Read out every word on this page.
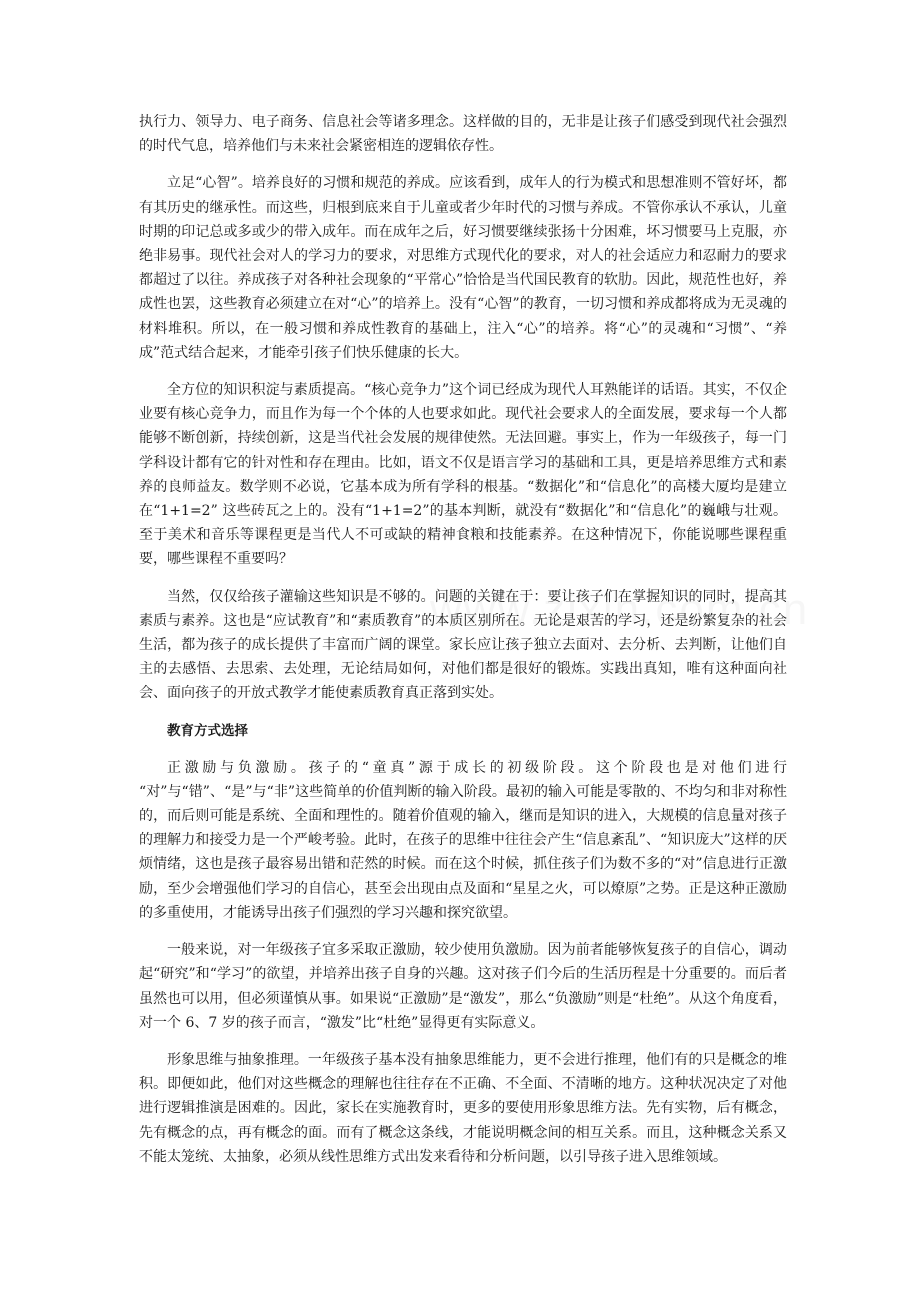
执行力、领导力、电子商务、信息社会等诸多理念。这样做的目的，无非是让孩子们感受到现代社会强烈的时代气息，培养他们与未来社会紧密相连的逻辑依存性。

立足“心智”。培养良好的习惯和规范的养成。应该看到，成年人的行为模式和思想准则不管好坏，都有其历史的继承性。而这些，归根到底来自于儿童或者少年时代的习惯与养成。不管你承认不承认，儿童时期的印记总或多或少的带入成年。而在成年之后，好习惯要继续张扬十分困难，坏习惯要马上克服，亦绝非易事。现代社会对人的学习力的要求，对思维方式现代化的要求，对人的社会适应力和忍耐力的要求都超过了以往。养成孩子对各种社会现象的“平常心”恰恰是当代国民教育的软肋。因此，规范性也好，养成性也罢，这些教育必须建立在对“心”的培养上。没有“心智”的教育，一切习惯和养成都将成为无灵魂的材料堆积。所以，在一般习惯和养成性教育的基础上，注入“心”的培养。将“心”的灵魂和“习惯”、“养成”范式结合起来，才能牵引孩子们快乐健康的长大。

全方位的知识积淀与素质提高。“核心竞争力”这个词已经成为现代人耳熟能详的话语。其实，不仅企业要有核心竞争力，而且作为每一个个体的人也要求如此。现代社会要求人的全面发展，要求每一个人都能够不断创新，持续创新，这是当代社会发展的规律使然。无法回避。事实上，作为一年级孩子，每一门学科设计都有它的针对性和存在理由。比如，语文不仅是语言学习的基础和工具，更是培养思维方式和素养的良师益友。数学则不必说，它基本成为所有学科的根基。“数据化”和“信息化”的高楼大厦均是建立在“1+1=2” 这些砖瓦之上的。没有“1+1=2”的基本判断，就没有“数据化”和“信息化”的巍峨与壮观。至于美术和音乐等课程更是当代人不可或缺的精神食粮和技能素养。在这种情况下，你能说哪些课程重要，哪些课程不重要吗？

当然，仅仅给孩子灌输这些知识是不够的。问题的关键在于：要让孩子们在掌握知识的同时，提高其素质与素养。这也是“应试教育”和“素质教育”的本质区别所在。无论是艰苦的学习，还是纷繁复杂的社会生活，都为孩子的成长提供了丰富而广阔的课堂。家长应让孩子独立去面对、去分析、去判断，让他们自主的去感悟、去思索、去处理，无论结局如何，对他们都是很好的锻炼。实践出真知，唯有这种面向社会、面向孩子的开放式教学才能使素质教育真正落到实处。

教育方式选择

正激励与负激励。孩子的“童真”源于成长的初级阶段。这个阶段也是对他们进行 “对”与“错”、“是”与“非”这些简单的价值判断的输入阶段。最初的输入可能是零散的、不均匀和非对称性的，而后则可能是系统、全面和理性的。随着价值观的输入，继而是知识的进入，大规模的信息量对孩子的理解力和接受力是一个严峻考验。此时，在孩子的思维中往往会产生“信息紊乱”、“知识庞大”这样的厌烦情绪，这也是孩子最容易出错和茫然的时候。而在这个时候，抓住孩子们为数不多的“对”信息进行正激励，至少会增强他们学习的自信心，甚至会出现由点及面和“星星之火，可以燎原”之势。正是这种正激励的多重使用，才能诱导出孩子们强烈的学习兴趣和探究欲望。

一般来说，对一年级孩子宜多采取正激励，较少使用负激励。因为前者能够恢复孩子的自信心，调动起“研究”和“学习”的欲望，并培养出孩子自身的兴趣。这对孩子们今后的生活历程是十分重要的。而后者虽然也可以用，但必须谨慎从事。如果说“正激励”是“激发”，那么“负激励”则是“杜绝”。从这个角度看，对一个 6、7 岁的孩子而言，“激发”比“杜绝”显得更有实际意义。

形象思维与抽象推理。一年级孩子基本没有抽象思维能力，更不会进行推理，他们有的只是概念的堆积。即便如此，他们对这些概念的理解也往往存在不正确、不全面、不清晰的地方。这种状况决定了对他进行逻辑推演是困难的。因此，家长在实施教育时，更多的要使用形象思维方法。先有实物，后有概念，先有概念的点，再有概念的面。而有了概念这条线，才能说明概念间的相互关系。而且，这种概念关系又不能太笼统、太抽象，必须从线性思维方式出发来看待和分析问题，以引导孩子进入思维领域。
